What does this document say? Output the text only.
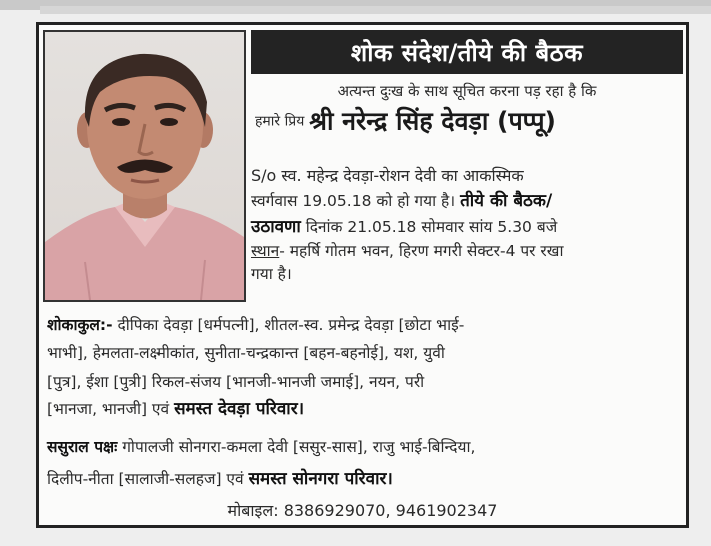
शोक संदेश/तीये की बैठक
अत्यन्त दुःख के साथ सूचित करना पड़ रहा है कि
हमारे प्रिय श्री नरेन्द्र सिंह देवड़ा (पप्पू)
S/o स्व. महेन्द्र देवड़ा-रोशन देवी का आकस्मिक
स्वर्गवास 19.05.18 को हो गया है। तीये की बैठक/
उठावणा दिनांक 21.05.18 सोमवार सांय 5.30 बजे
स्थान- महर्षि गोतम भवन, हिरण मगरी सेक्टर-4 पर रखा
गया है।
शोकाकुल:- दीपिका देवड़ा [धर्मपत्नी], शीतल-स्व. प्रमेन्द्र देवड़ा [छोटा भाई-
भाभी], हेमलता-लक्ष्मीकांत, सुनीता-चन्द्रकान्त [बहन-बहनोई], यश, युवी
[पुत्र], ईशा [पुत्री] रिकल-संजय [भानजी-भानजी जमाई], नयन, परी
[भानजा, भानजी] एवं समस्त देवड़ा परिवार।
ससुराल पक्षः गोपालजी सोनगरा-कमला देवी [ससुर-सास], राजु भाई-बिन्दिया,
दिलीप-नीता [सालाजी-सलहज] एवं समस्त सोनगरा परिवार।
मोबाइल: 8386929070, 9461902347
